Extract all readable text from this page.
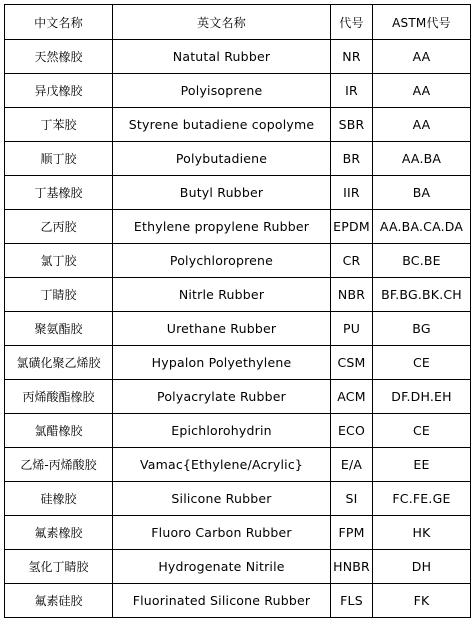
中文名称	英文名称	代号	ASTM代号
天然橡胶	Natutal Rubber	NR	AA
异戊橡胶	Polyisoprene	IR	AA
丁苯胶	Styrene butadiene copolyme	SBR	AA
顺丁胶	Polybutadiene	BR	AA.BA
丁基橡胶	Butyl Rubber	IIR	BA
乙丙胶	Ethylene propylene Rubber	EPDM	AA.BA.CA.DA
氯丁胶	Polychloroprene	CR	BC.BE
丁睛胶	Nitrle Rubber	NBR	BF.BG.BK.CH
聚氨酯胶	Urethane Rubber	PU	BG
氯磺化聚乙烯胶	Hypalon Polyethylene	CSM	CE
丙烯酸酯橡胶	Polyacrylate Rubber	ACM	DF.DH.EH
氯醋橡胶	Epichlorohydrin	ECO	CE
乙烯-丙烯酸胶	Vamac{Ethylene/Acrylic}	E/A	EE
硅橡胶	Silicone Rubber	SI	FC.FE.GE
氟素橡胶	Fluoro Carbon Rubber	FPM	HK
氢化丁睛胶	Hydrogenate Nitrile	HNBR	DH
氟素硅胶	Fluorinated Silicone Rubber	FLS	FK
